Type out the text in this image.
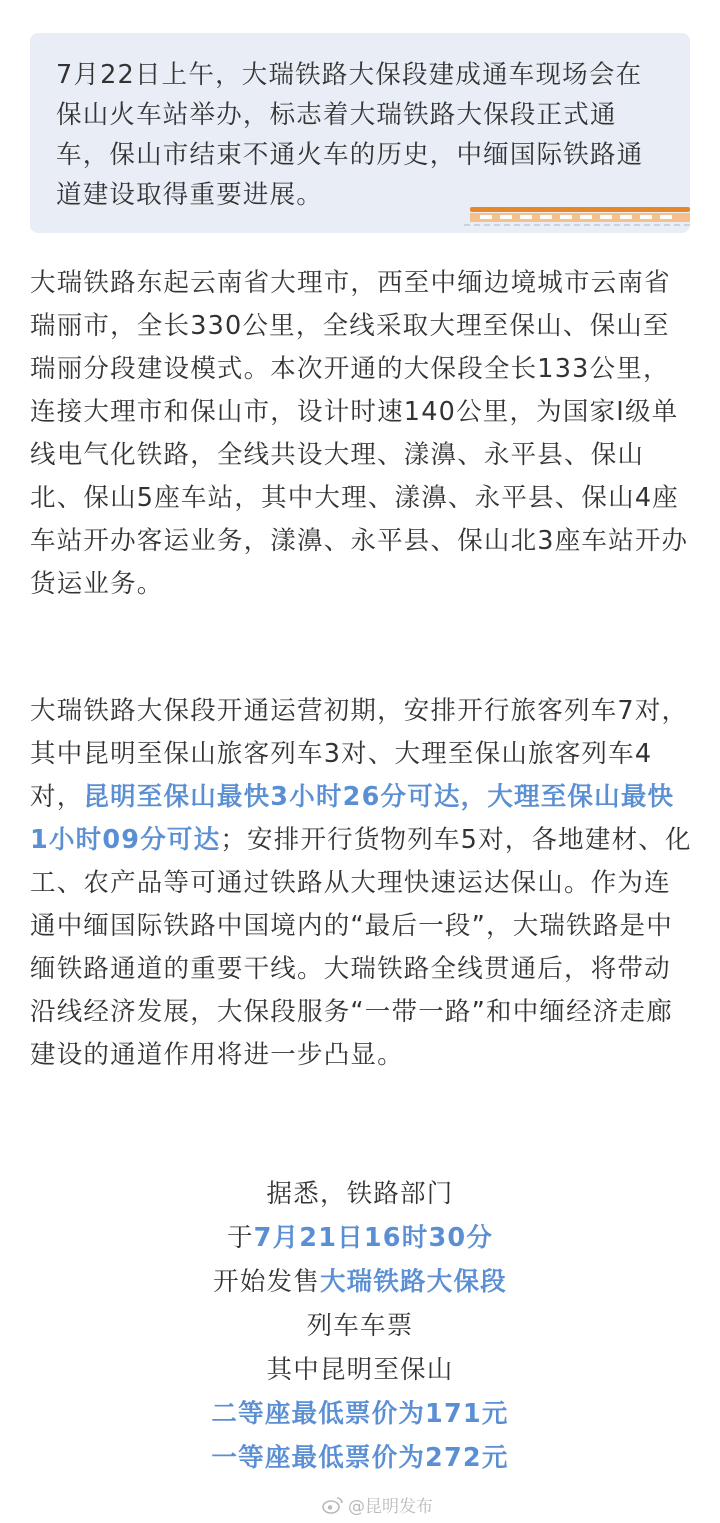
7月22日上午，大瑞铁路大保段建成通车现场会在保山火车站举办，标志着大瑞铁路大保段正式通车，保山市结束不通火车的历史，中缅国际铁路通道建设取得重要进展。

大瑞铁路东起云南省大理市，西至中缅边境城市云南省瑞丽市，全长330公里，全线采取大理至保山、保山至瑞丽分段建设模式。本次开通的大保段全长133公里，连接大理市和保山市，设计时速140公里，为国家I级单线电气化铁路，全线共设大理、漾濞、永平县、保山北、保山5座车站，其中大理、漾濞、永平县、保山4座车站开办客运业务，漾濞、永平县、保山北3座车站开办货运业务。

大瑞铁路大保段开通运营初期，安排开行旅客列车7对，其中昆明至保山旅客列车3对、大理至保山旅客列车4对，昆明至保山最快3小时26分可达，大理至保山最快1小时09分可达；安排开行货物列车5对，各地建材、化工、农产品等可通过铁路从大理快速运达保山。作为连通中缅国际铁路中国境内的“最后一段”，大瑞铁路是中缅铁路通道的重要干线。大瑞铁路全线贯通后，将带动沿线经济发展，大保段服务“一带一路”和中缅经济走廊建设的通道作用将进一步凸显。

据悉，铁路部门
于7月21日16时30分
开始发售大瑞铁路大保段
列车车票
其中昆明至保山
二等座最低票价为171元
一等座最低票价为272元
@昆明发布
